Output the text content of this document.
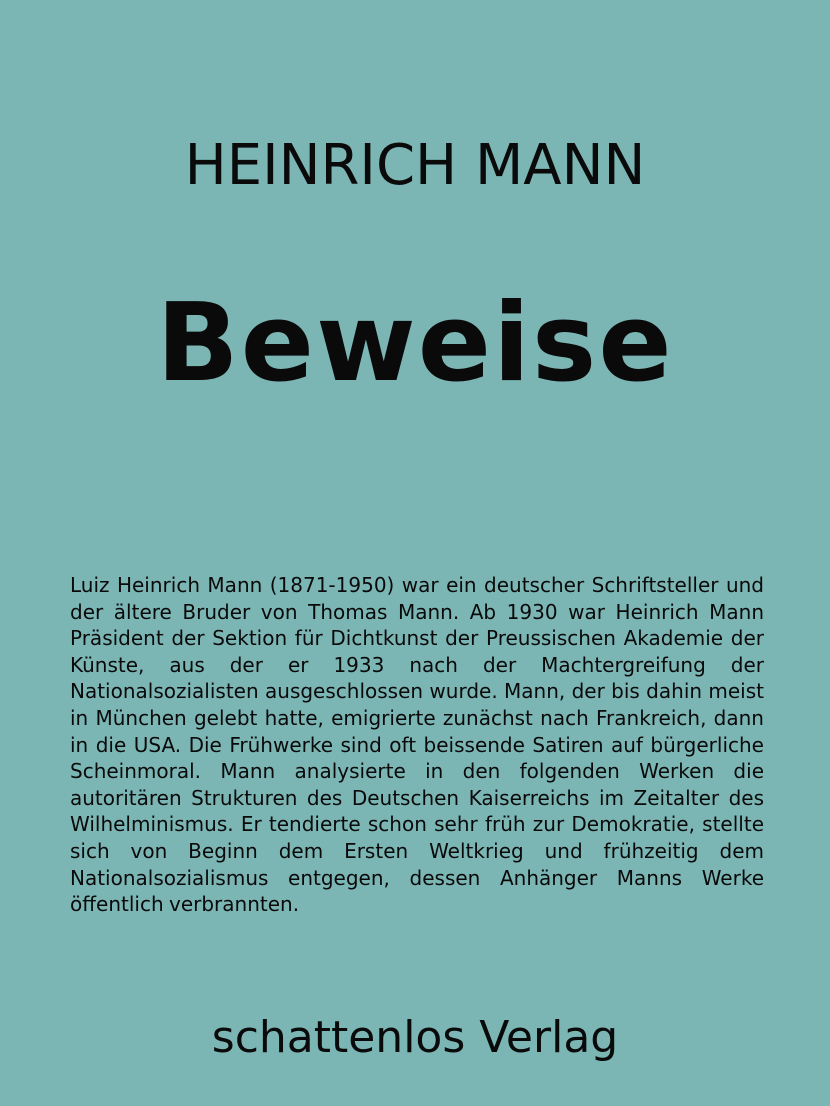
HEINRICH MANN
Beweise
Luiz Heinrich Mann (1871-1950) war ein deutscher Schriftsteller und der ältere Bruder von Thomas Mann. Ab 1930 war Heinrich Mann Präsident der Sektion für Dichtkunst der Preussischen Akademie der Künste, aus der er 1933 nach der Machtergreifung der Nationalsozialisten ausgeschlossen wurde. Mann, der bis dahin meist in München gelebt hatte, emigrierte zunächst nach Frankreich, dann in die USA. Die Frühwerke sind oft beissende Satiren auf bürgerliche Scheinmoral. Mann analysierte in den folgenden Werken die autoritären Strukturen des Deutschen Kaiserreichs im Zeitalter des Wilhelminismus. Er tendierte schon sehr früh zur Demokratie, stellte sich von Beginn dem Ersten Weltkrieg und frühzeitig dem Nationalsozialismus entgegen, dessen Anhänger Manns Werke öffentlich verbrannten.
schattenlos Verlag
